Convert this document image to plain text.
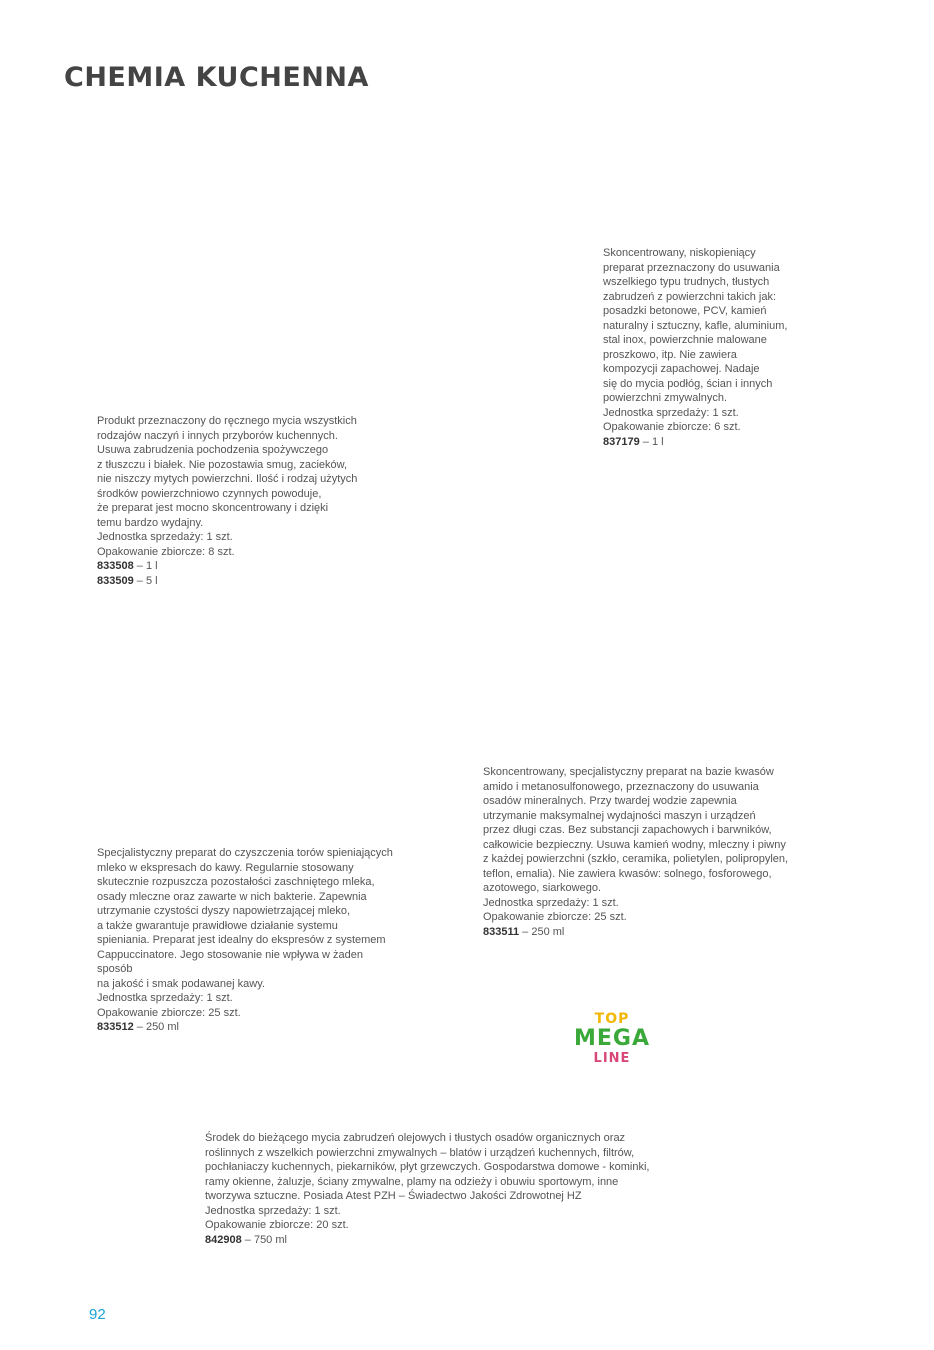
CHEMIA KUCHENNA
Produkt przeznaczony do ręcznego mycia wszystkich
rodzajów naczyń i innych przyborów kuchennych.
Usuwa zabrudzenia pochodzenia spożywczego
z tłuszczu i białek. Nie pozostawia smug, zacieków,
nie niszczy mytych powierzchni. Ilość i rodzaj użytych
środków powierzchniowo czynnych powoduje,
że preparat jest mocno skoncentrowany i dzięki
temu bardzo wydajny.
Jednostka sprzedaży: 1 szt.
Opakowanie zbiorcze: 8 szt.
833508 – 1 l
833509 – 5 l
Skoncentrowany, niskopieniący
preparat przeznaczony do usuwania
wszelkiego typu trudnych, tłustych
zabrudzeń z powierzchni takich jak:
posadzki betonowe, PCV, kamień
naturalny i sztuczny, kafle, aluminium,
stal inox, powierzchnie malowane
proszkowo, itp. Nie zawiera
kompozycji zapachowej. Nadaje
się do mycia podłóg, ścian i innych
powierzchni zmywalnych.
Jednostka sprzedaży: 1 szt.
Opakowanie zbiorcze: 6 szt.
837179 – 1 l
Specjalistyczny preparat do czyszczenia torów spieniających
mleko w ekspresach do kawy. Regularnie stosowany
skutecznie rozpuszcza pozostałości zaschniętego mleka,
osady mleczne oraz zawarte w nich bakterie. Zapewnia
utrzymanie czystości dyszy napowietrzającej mleko,
a także gwarantuje prawidłowe działanie systemu
spieniania. Preparat jest idealny do ekspresów z systemem
Cappuccinatore. Jego stosowanie nie wpływa w żaden
sposób
na jakość i smak podawanej kawy.
Jednostka sprzedaży: 1 szt.
Opakowanie zbiorcze: 25 szt.
833512 – 250 ml
Skoncentrowany, specjalistyczny preparat na bazie kwasów
amido i metanosulfonowego, przeznaczony do usuwania
osadów mineralnych. Przy twardej wodzie zapewnia
utrzymanie maksymalnej wydajności maszyn i urządzeń
przez długi czas. Bez substancji zapachowych i barwników,
całkowicie bezpieczny. Usuwa kamień wodny, mleczny i piwny
z każdej powierzchni (szkło, ceramika, polietylen, polipropylen,
teflon, emalia). Nie zawiera kwasów: solnego, fosforowego,
azotowego, siarkowego.
Jednostka sprzedaży: 1 szt.
Opakowanie zbiorcze: 25 szt.
833511 – 250 ml
Środek do bieżącego mycia zabrudzeń olejowych i tłustych osadów organicznych oraz
roślinnych z wszelkich powierzchni zmywalnych – blatów i urządzeń kuchennych, filtrów,
pochłaniaczy kuchennych, piekarników, płyt grzewczych. Gospodarstwa domowe - kominki,
ramy okienne, żaluzje, ściany zmywalne, plamy na odzieży i obuwiu sportowym, inne
tworzywa sztuczne. Posiada Atest PZH – Świadectwo Jakości Zdrowotnej HZ
Jednostka sprzedaży: 1 szt.
Opakowanie zbiorcze: 20 szt.
842908 – 750 ml
TOP
MEGA
LINE
92
